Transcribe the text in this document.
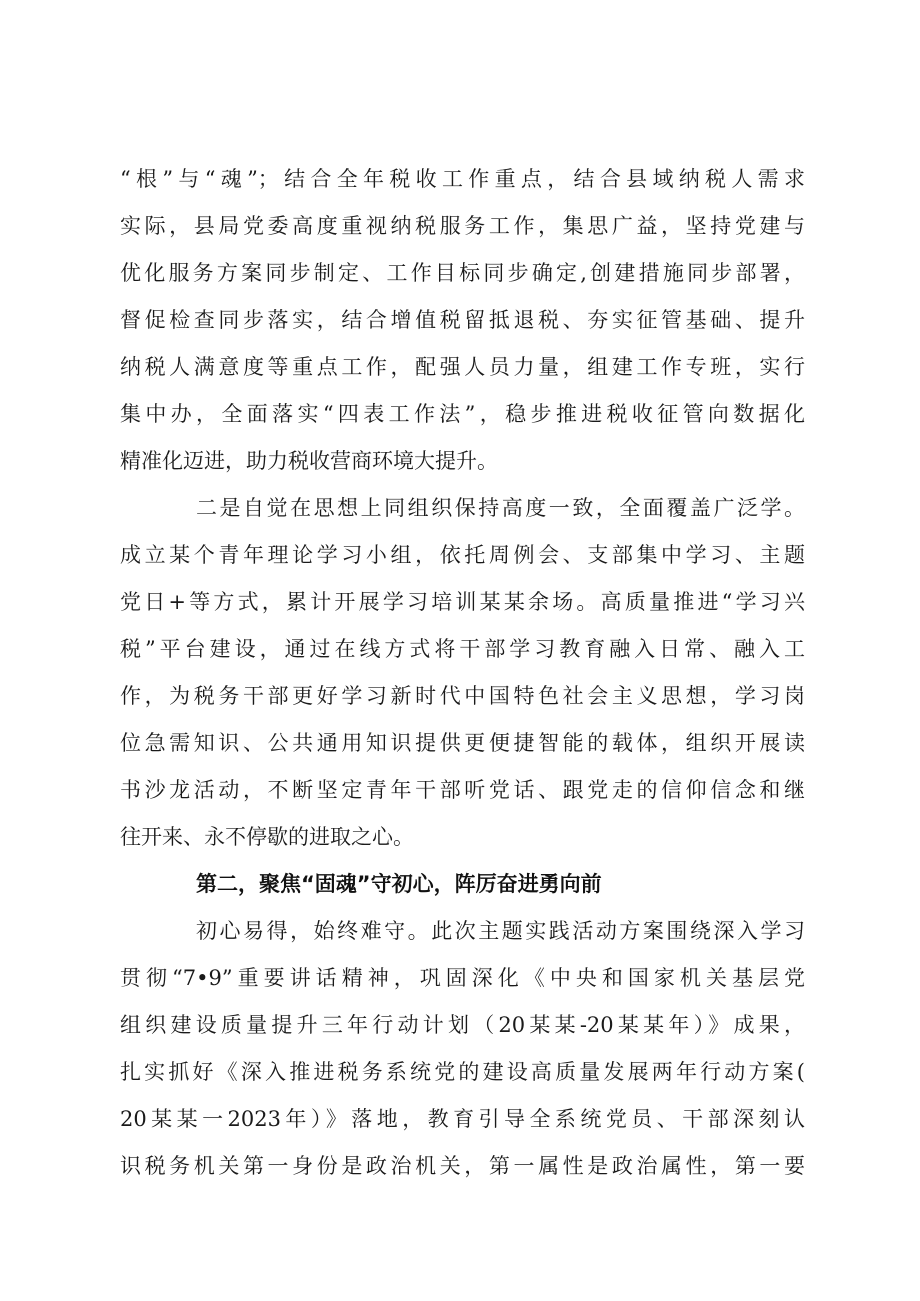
“根”与“魂”；结合全年税收工作重点，结合县域纳税人需求
实际，县局党委高度重视纳税服务工作，集思广益，坚持党建与
优化服务方案同步制定、工作目标同步确定,创建措施同步部署，
督促检查同步落实，结合增值税留抵退税、夯实征管基础、提升
纳税人满意度等重点工作，配强人员力量，组建工作专班，实行
集中办，全面落实“四表工作法”，稳步推进税收征管向数据化
精准化迈进，助力税收营商环境大提升。
二是自觉在思想上同组织保持高度一致，全面覆盖广泛学。
成立某个青年理论学习小组，依托周例会、支部集中学习、主题
党日+等方式，累计开展学习培训某某余场。高质量推进“学习兴
税”平台建设，通过在线方式将干部学习教育融入日常、融入工
作，为税务干部更好学习新时代中国特色社会主义思想，学习岗
位急需知识、公共通用知识提供更便捷智能的载体，组织开展读
书沙龙活动，不断坚定青年干部听党话、跟党走的信仰信念和继
往开来、永不停歇的进取之心。
第二，聚焦“固魂”守初心，阵厉奋进勇向前
初心易得，始终难守。此次主题实践活动方案围绕深入学习
贯彻“7•9”重要讲话精神，巩固深化《中央和国家机关基层党
组织建设质量提升三年行动计划（20某某-20某某年）》成果，
扎实抓好《深入推进税务系统党的建设高质量发展两年行动方案(
20某某一2023年）》落地，教育引导全系统党员、干部深刻认
识税务机关第一身份是政治机关，第一属性是政治属性，第一要
